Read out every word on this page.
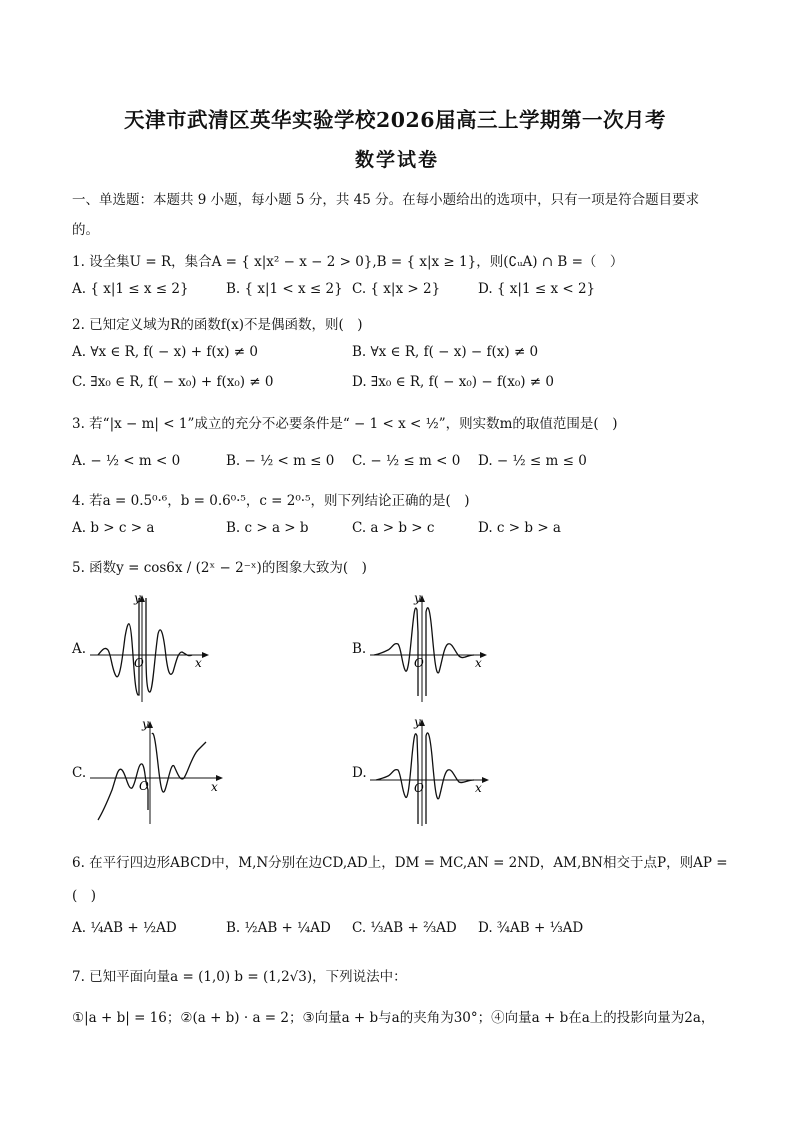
天津市武清区英华实验学校2026届高三上学期第一次月考
数学试卷
一、单选题：本题共 9 小题，每小题 5 分，共 45 分。在每小题给出的选项中，只有一项是符合题目要求
的。
1. 设全集U = R，集合A = { x|x² − x − 2 > 0},B = { x|x ≥ 1}，则(∁ᵤA) ∩ B =（　）
A. { x|1 ≤ x ≤ 2}	B. { x|1 < x ≤ 2} C. { x|x > 2}	D. { x|1 ≤ x < 2}
2. 已知定义域为R的函数f(x)不是偶函数，则(　)
A. ∀x ∈ R, f( − x) + f(x) ≠ 0	B. ∀x ∈ R, f( − x) − f(x) ≠ 0
C. ∃x₀ ∈ R, f( − x₀) + f(x₀) ≠ 0	D. ∃x₀ ∈ R, f( − x₀) − f(x₀) ≠ 0
3. 若“|x − m| < 1”成立的充分不必要条件是“ − 1 < x < ½”，则实数m的取值范围是(　)
A. − ½ < m < 0	B. − ½ < m ≤ 0 C. − ½ ≤ m < 0 D. − ½ ≤ m ≤ 0
4. 若a = 0.5⁰·⁶，b = 0.6⁰·⁵，c = 2⁰·⁵，则下列结论正确的是(　)
A. b > c > a	B. c > a > b	C. a > b > c	D. c > b > a
5. 函数y = cos6x / (2ˣ − 2⁻ˣ)的图象大致为(　)
A.	B.
C.	D.
y
x
O
y
x
O
y
x
O
y
x
O
6. 在平行四边形ABCD中，M,N分别在边CD,AD上，DM = MC,AN = 2ND，AM,BN相交于点P，则AP =
(　)
A. ¼AB + ½AD	B. ½AB + ¼AD C. ⅓AB + ⅔AD D. ¾AB + ⅓AD
7. 已知平面向量a = (1,0) b = (1,2√3)，下列说法中：
①|a + b| = 16；②(a + b) · a = 2；③向量a + b与a的夹角为30°；④向量a + b在a上的投影向量为2a，
